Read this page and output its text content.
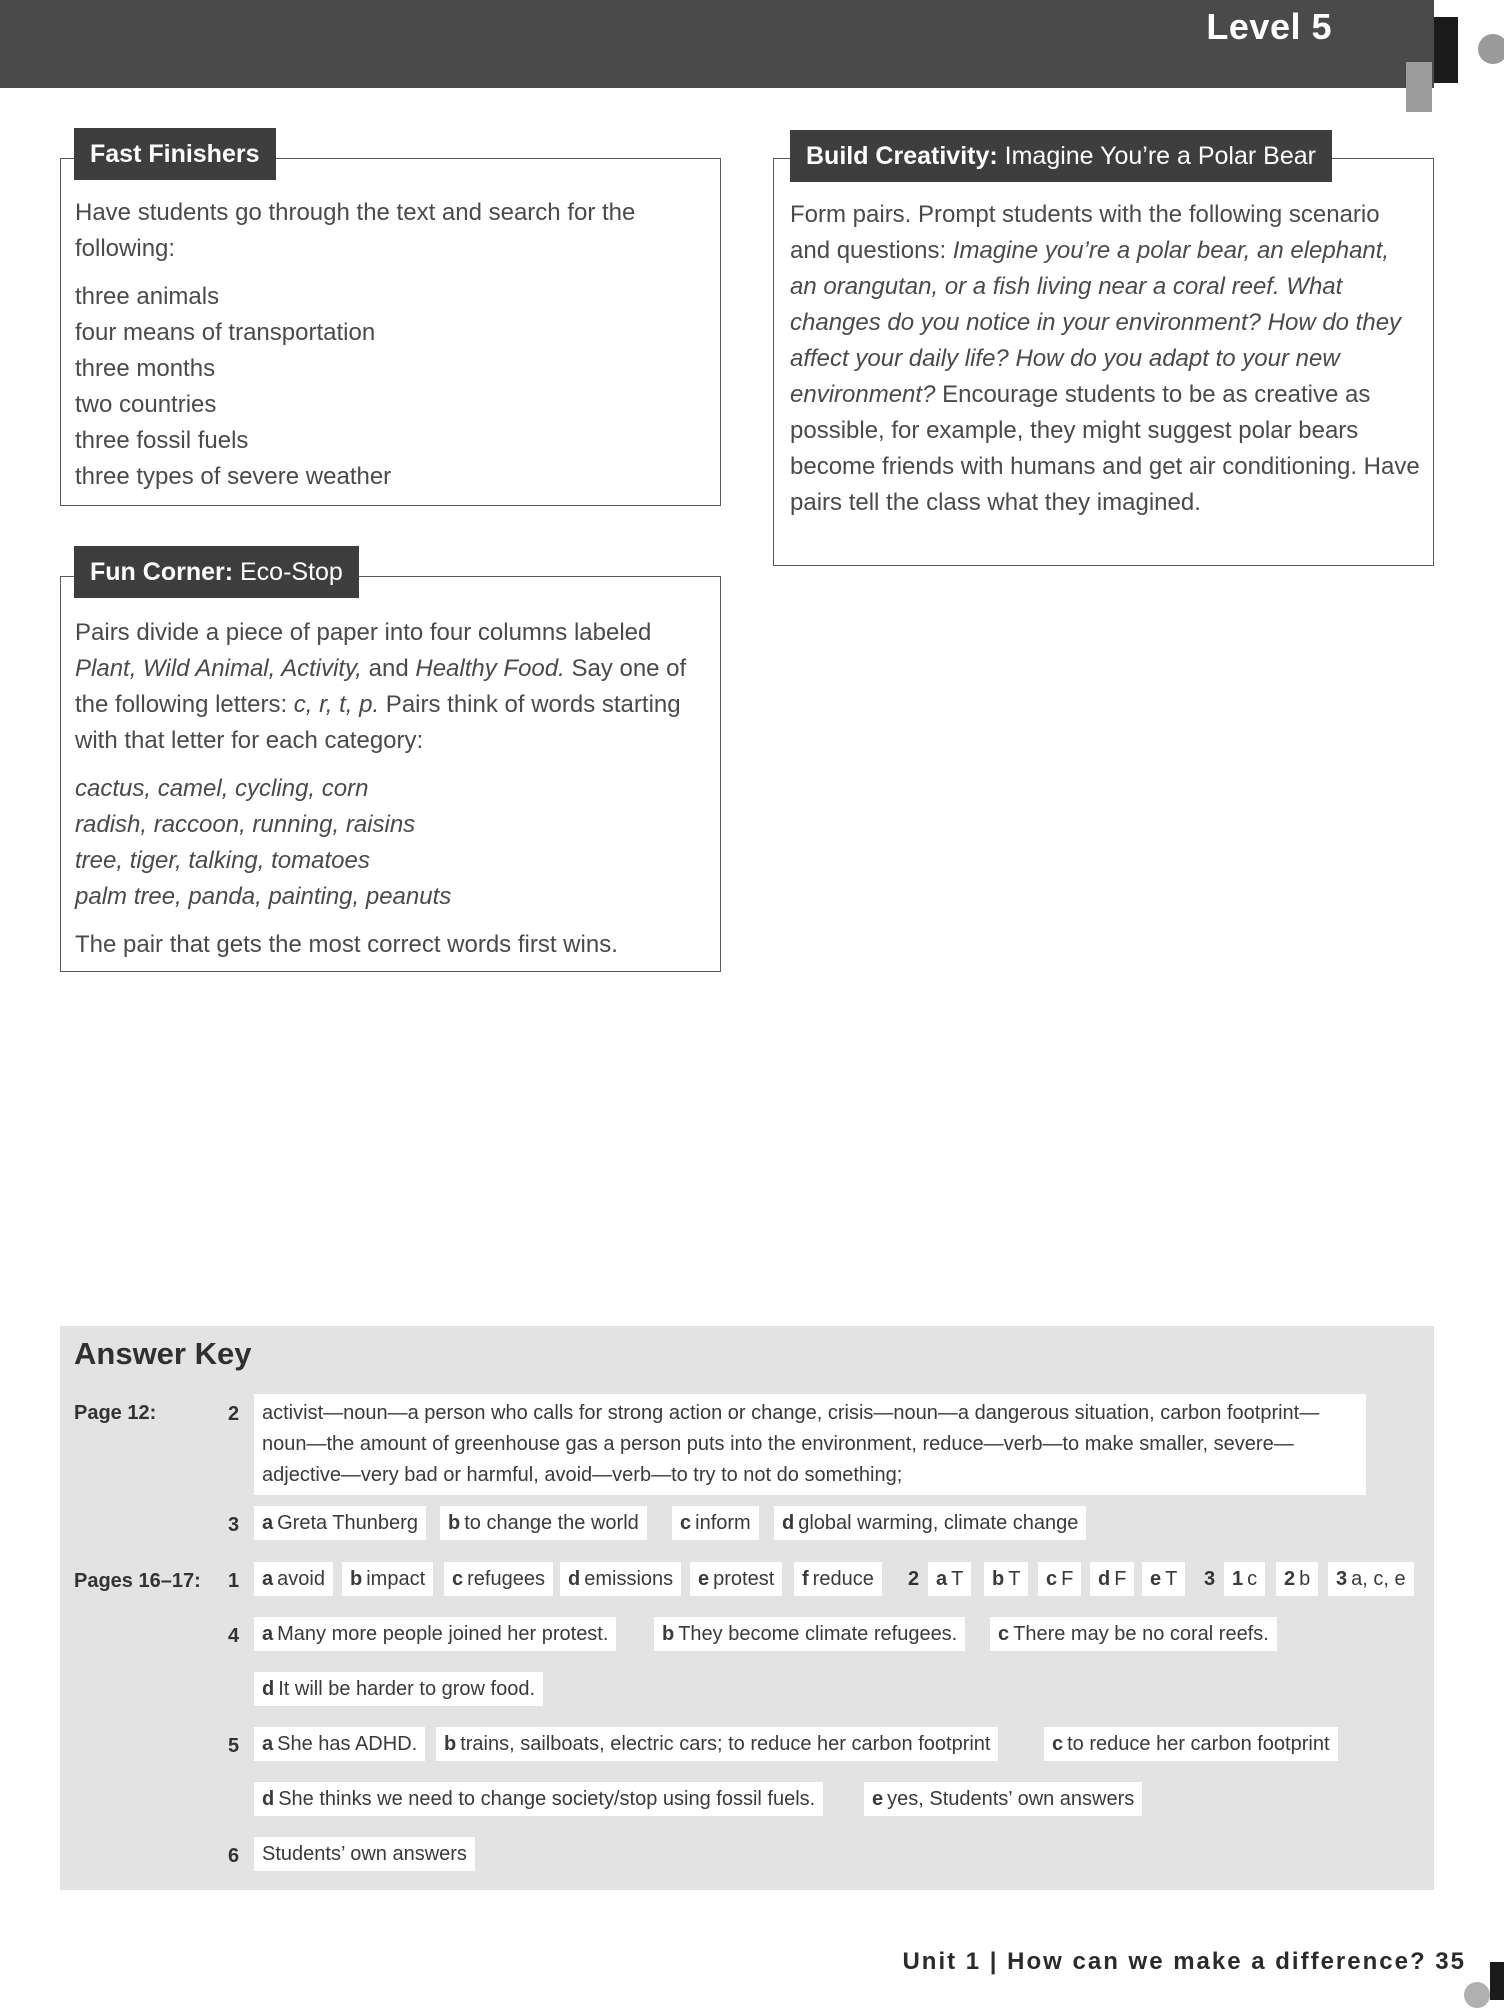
Level 5

Have students go through the text and search for the following:

three animals

four means of transportation

three months

two countries

three fossil fuels

three types of severe weather

Fast Finishers

Pairs divide a piece of paper into four columns labeled Plant, Wild Animal, Activity, and Healthy Food. Say one of the following letters: c, r, t, p. Pairs think of words starting with that letter for each category:

cactus, camel, cycling, corn

radish, raccoon, running, raisins

tree, tiger, talking, tomatoes

palm tree, panda, painting, peanuts

The pair that gets the most correct words first wins.

Fun Corner: Eco-Stop

Form pairs. Prompt students with the following scenario and questions: Imagine you’re a polar bear, an elephant, an orangutan, or a fish living near a coral reef. What changes do you notice in your environment? How do they affect your daily life? How do you adapt to your new environment? Encourage students to be as creative as possible, for example, they might suggest polar bears become friends with humans and get air conditioning. Have pairs tell the class what they imagined.

Build Creativity: Imagine You’re a Polar Bear
Answer Key
Page 12:	2	activist—noun—a person who calls for strong action or change, crisis—noun—a dangerous situation, carbon footprint—noun—the amount of greenhouse gas a person puts into the environment, reduce—verb—to make smaller, severe—adjective—very bad or harmful, avoid—verb—to try to not do something;
3	a Greta Thunberg	b to change the world	c inform	d global warming, climate change
Pages 16–17: 1	a avoid	b impact	c refugees	d emissions	e protest	f reduce	2 a T	b T	c F	d F	e T	3 1 c	2 b	3 a, c, e
4	a Many more people joined her protest.	b They become climate refugees.	c There may be no coral reefs.
d It will be harder to grow food.
5	a She has ADHD.	b trains, sailboats, electric cars; to reduce her carbon footprint	c to reduce her carbon footprint
d She thinks we need to change society/stop using fossil fuels.	e yes, Students’ own answers
6	Students’ own answers
Unit 1 | How can we make a difference? 35
